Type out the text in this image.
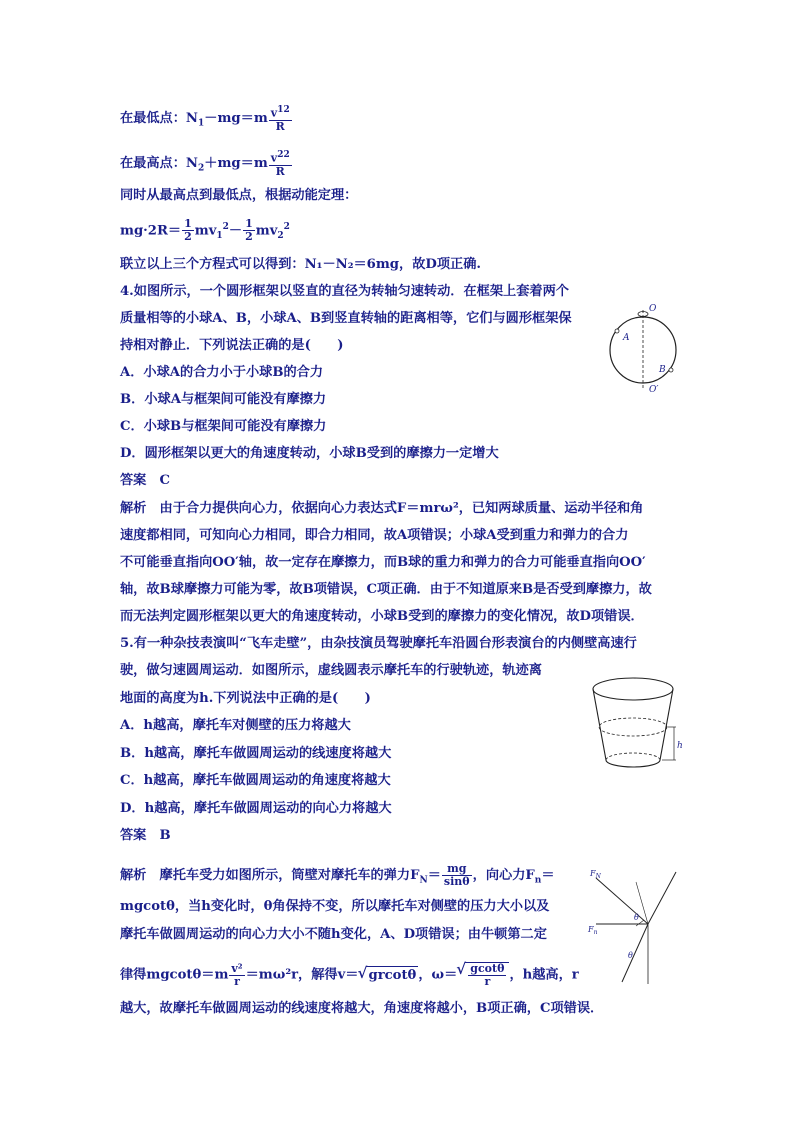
在最低点：$N_1-mg=m \frac{v^{12}}{R}$
在最高点：$N_2+mg=m \frac{v^{22}}{R}$
同时从最高点到最低点，根据动能定理：
$mg\cdot 2R= \frac{1}{2} mv_1^2- \frac{1}{2} mv_2^2$
联立以上三个方程式可以得到：N₁－N₂＝6mg，故D项正确.
4.如图所示，一个圆形框架以竖直的直径为转轴匀速转动．在框架上套着两个
质量相等的小球A、B，小球A、B到竖直转轴的距离相等，它们与圆形框架保
持相对静止．下列说法正确的是(　　)
A．小球A的合力小于小球B的合力
B．小球A与框架间可能没有摩擦力
C．小球B与框架间可能没有摩擦力
D．圆形框架以更大的角速度转动，小球B受到的摩擦力一定增大
答案　C
解析　由于合力提供向心力，依据向心力表达式F＝mrω²，已知两球质量、运动半径和角
速度都相同，可知向心力相同，即合力相同，故A项错误；小球A受到重力和弹力的合力
不可能垂直指向OO′轴，故一定存在摩擦力，而B球的重力和弹力的合力可能垂直指向OO′
轴，故B球摩擦力可能为零，故B项错误，C项正确．由于不知道原来B是否受到摩擦力，故
而无法判定圆形框架以更大的角速度转动，小球B受到的摩擦力的变化情况，故D项错误．
O
O′
A
B
5.有一种杂技表演叫“飞车走壁”，由杂技演员驾驶摩托车沿圆台形表演台的内侧壁高速行
驶，做匀速圆周运动．如图所示，虚线圆表示摩托车的行驶轨迹，轨迹离
地面的高度为h.下列说法中正确的是(　　)
A．h越高，摩托车对侧壁的压力将越大
B．h越高，摩托车做圆周运动的线速度将越大
C．h越高，摩托车做圆周运动的角速度将越大
D．h越高，摩托车做圆周运动的向心力将越大
答案　B
h
解析　摩托车受力如图所示，筒壁对摩托车的弹力$F_N= \frac{mg}{\sin\theta}$ ，向心力$F_n=$
mgcotθ，当h变化时，θ角保持不变，所以摩托车对侧壁的压力大小以及
摩托车做圆周运动的向心力大小不随h变化，A、D项错误；由牛顿第二定
律得$mgcot\theta=m \frac{\text{v²}}{r} =m\omega^2r$，解得v＝ √ grcotθ ，ω＝ √ $\frac{gcot\theta}{r}$ ，h越高，r
越大，故摩托车做圆周运动的线速度将越大，角速度将越小，B项正确，C项错误．
$F_N$
$F_n$
θ
θ
